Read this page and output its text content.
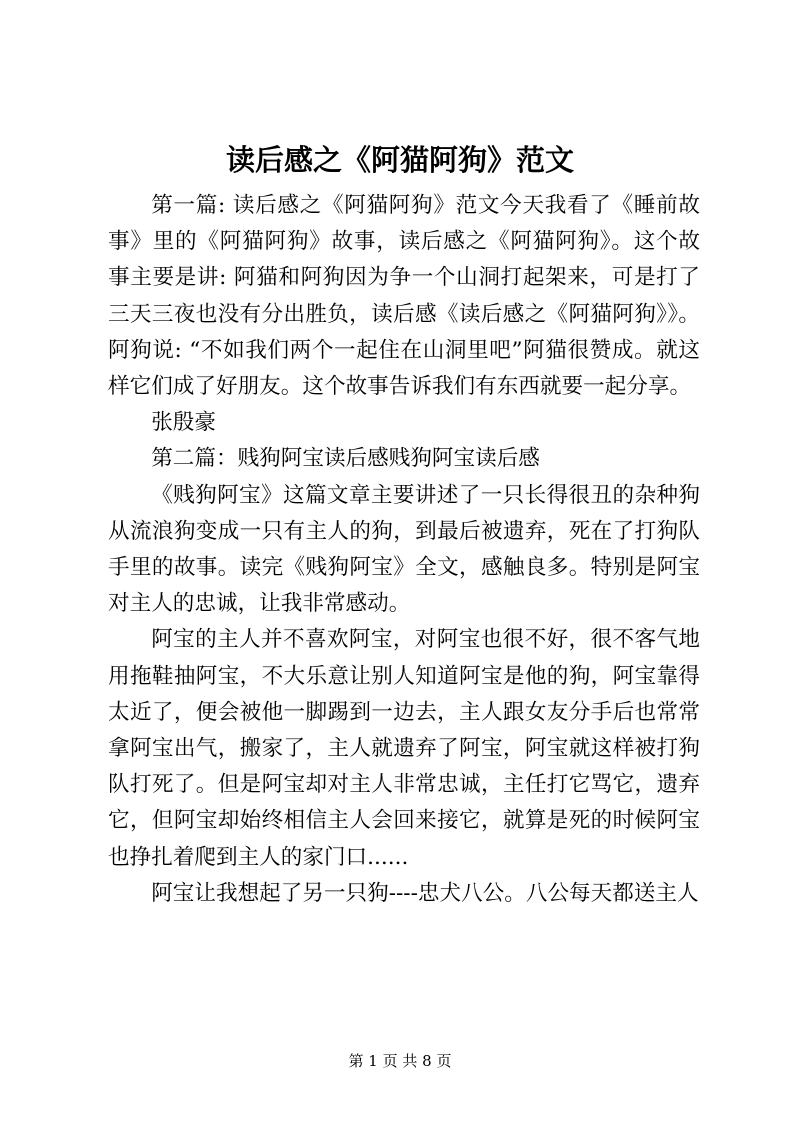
读后感之《阿猫阿狗》范文

第一篇: 读后感之《阿猫阿狗》范文今天我看了《睡前故事》里的《阿猫阿狗》故事，读后感之《阿猫阿狗》。这个故事主要是讲: 阿猫和阿狗因为争一个山洞打起架来，可是打了三天三夜也没有分出胜负，读后感《读后感之《阿猫阿狗》》。阿狗说: “不如我们两个一起住在山洞里吧”阿猫很赞成。就这样它们成了好朋友。这个故事告诉我们有东西就要一起分享。

张殷豪

第二篇：贱狗阿宝读后感贱狗阿宝读后感

《贱狗阿宝》这篇文章主要讲述了一只长得很丑的杂种狗从流浪狗变成一只有主人的狗，到最后被遗弃，死在了打狗队手里的故事。读完《贱狗阿宝》全文，感触良多。特别是阿宝对主人的忠诚，让我非常感动。

阿宝的主人并不喜欢阿宝，对阿宝也很不好，很不客气地用拖鞋抽阿宝，不大乐意让别人知道阿宝是他的狗，阿宝靠得太近了，便会被他一脚踢到一边去，主人跟女友分手后也常常拿阿宝出气，搬家了，主人就遗弃了阿宝，阿宝就这样被打狗队打死了。但是阿宝却对主人非常忠诚，主任打它骂它，遗弃它，但阿宝却始终相信主人会回来接它，就算是死的时候阿宝也挣扎着爬到主人的家门口......

阿宝让我想起了另一只狗----忠犬八公。八公每天都送主人

第 1 页 共 8 页
